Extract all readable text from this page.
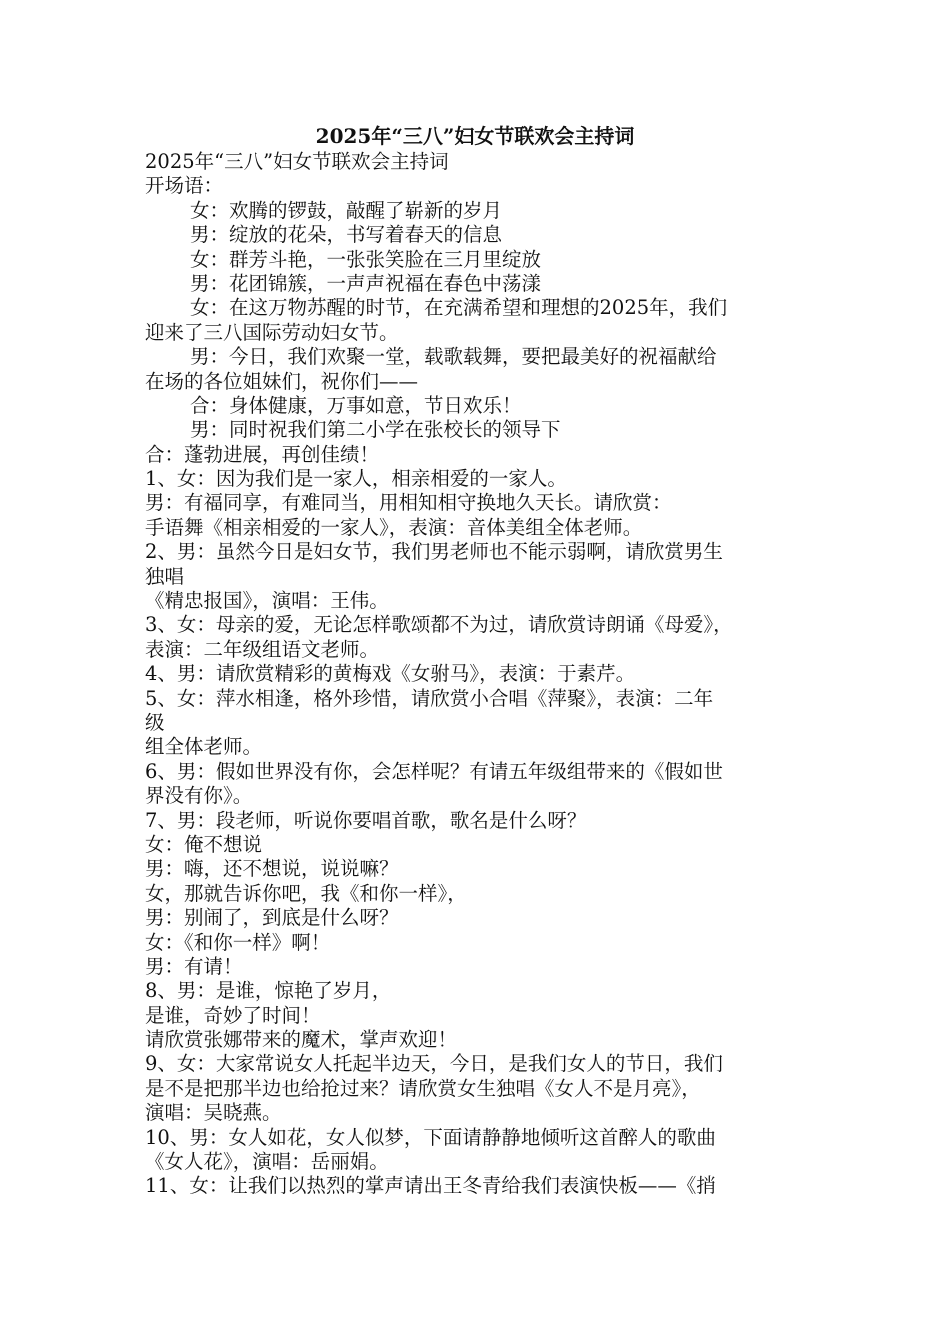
2025年“三八”妇女节联欢会主持词
2025年“三八”妇女节联欢会主持词
开场语：
女：欢腾的锣鼓，敲醒了崭新的岁月
男：绽放的花朵，书写着春天的信息
女：群芳斗艳，一张张笑脸在三月里绽放
男：花团锦簇，一声声祝福在春色中荡漾
女：在这万物苏醒的时节，在充满希望和理想的2025年，我们
迎来了三八国际劳动妇女节。
男：今日，我们欢聚一堂，载歌载舞，要把最美好的祝福献给
在场的各位姐妹们，祝你们——
合：身体健康，万事如意，节日欢乐！
男：同时祝我们第二小学在张校长的领导下
合：蓬勃进展，再创佳绩！
1、女：因为我们是一家人，相亲相爱的一家人。
男：有福同享，有难同当，用相知相守换地久天长。请欣赏：
手语舞《相亲相爱的一家人》，表演：音体美组全体老师。
2、男：虽然今日是妇女节，我们男老师也不能示弱啊，请欣赏男生
独唱
《精忠报国》，演唱：王伟。
3、女：母亲的爱，无论怎样歌颂都不为过，请欣赏诗朗诵《母爱》，
表演：二年级组语文老师。
4、男：请欣赏精彩的黄梅戏《女驸马》，表演：于素芹。
5、女：萍水相逢，格外珍惜，请欣赏小合唱《萍聚》，表演：二年
级
组全体老师。
6、男：假如世界没有你，会怎样呢？有请五年级组带来的《假如世
界没有你》。
7、男：段老师，听说你要唱首歌，歌名是什么呀？
女：俺不想说
男：嗨，还不想说，说说嘛？
女，那就告诉你吧，我《和你一样》，
男：别闹了，到底是什么呀？
女：《和你一样》啊！
男：有请！
8、男：是谁，惊艳了岁月，
是谁，奇妙了时间！
请欣赏张娜带来的魔术，掌声欢迎！
9、女：大家常说女人托起半边天，今日，是我们女人的节日，我们
是不是把那半边也给抢过来？请欣赏女生独唱《女人不是月亮》，
演唱：吴晓燕。
10、男：女人如花，女人似梦，下面请静静地倾听这首醉人的歌曲
《女人花》，演唱：岳丽娟。
11、女：让我们以热烈的掌声请出王冬青给我们表演快板——《捎
